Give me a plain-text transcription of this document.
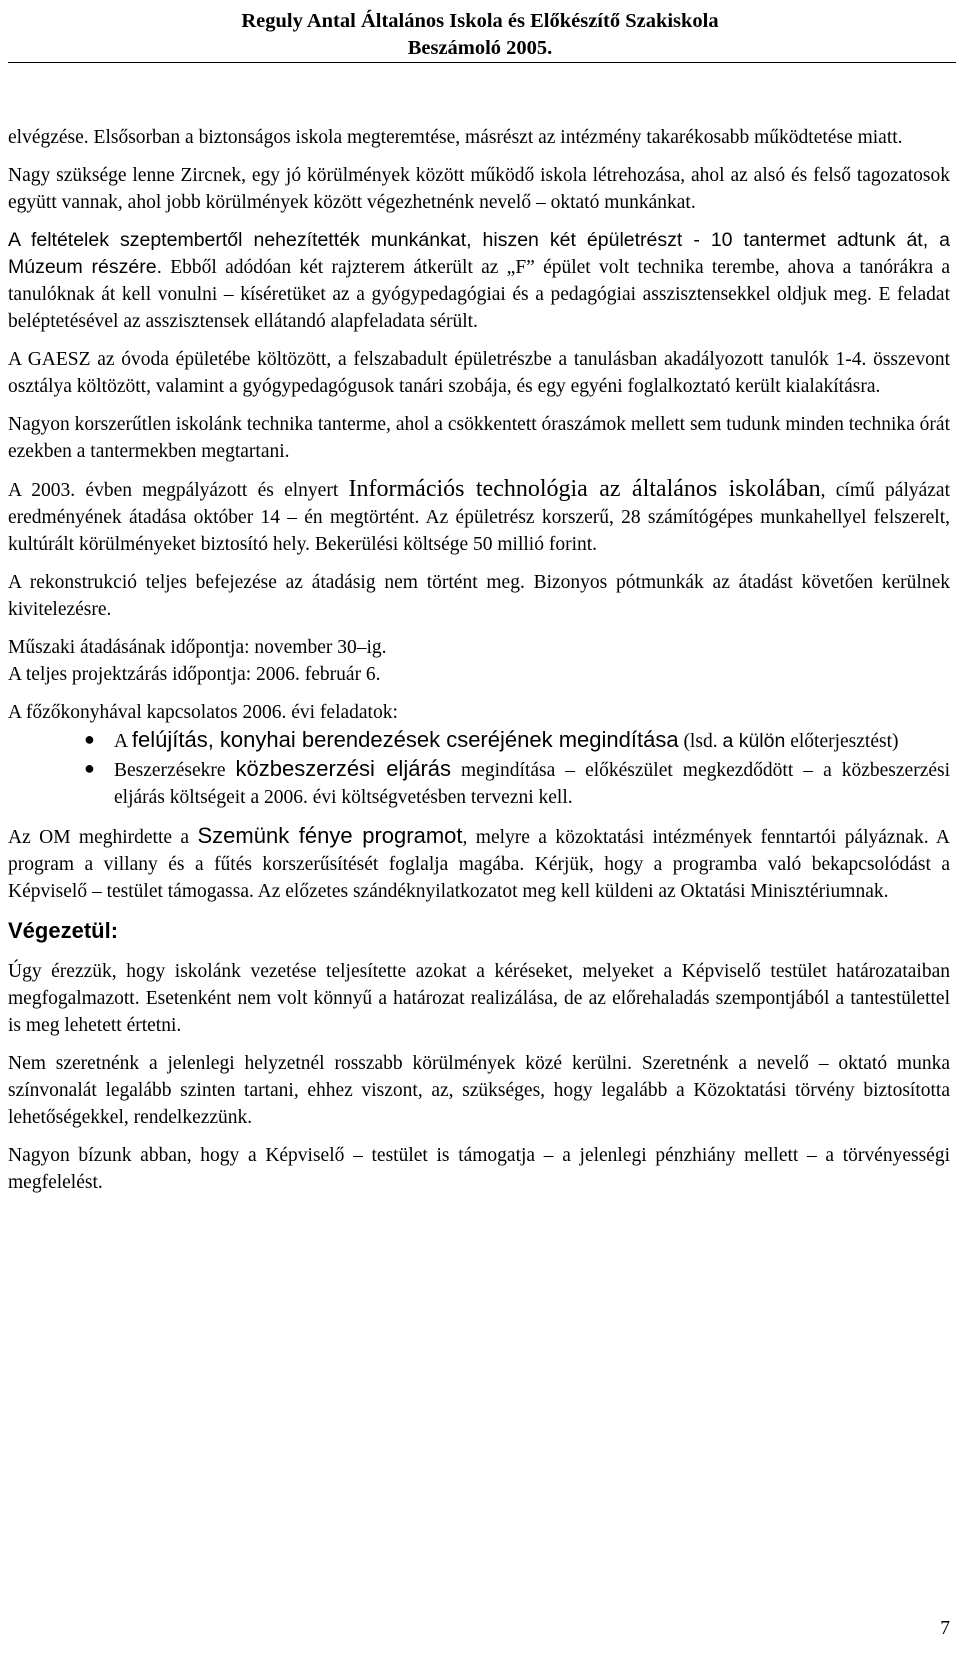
Reguly Antal Általános Iskola és Előkészítő Szakiskola
Beszámoló 2005.

elvégzése. Elsősorban a biztonságos iskola megteremtése, másrészt az intézmény takarékosabb működtetése miatt.

Nagy szüksége lenne Zircnek, egy jó körülmények között működő iskola létrehozása, ahol az alsó és felső tagozatosok együtt vannak, ahol jobb körülmények között végezhetnénk nevelő – oktató munkánkat.

A feltételek szeptembertől nehezítették munkánkat, hiszen két épületrészt - 10 tantermet adtunk át, a Múzeum részére. Ebből adódóan két rajzterem átkerült az „F” épület volt technika terembe, ahova a tanórákra a tanulóknak át kell vonulni – kíséretüket az a gyógypedagógiai és a pedagógiai asszisztensekkel oldjuk meg. E feladat beléptetésével az asszisztensek ellátandó alapfeladata sérült.

A GAESZ az óvoda épületébe költözött, a felszabadult épületrészbe a tanulásban akadályozott tanulók 1-4. összevont osztálya költözött, valamint a gyógypedagógusok tanári szobája, és egy egyéni foglalkoztató került kialakításra.

Nagyon korszerűtlen iskolánk technika tanterme, ahol a csökkentett óraszámok mellett sem tudunk minden technika órát ezekben a tantermekben megtartani.

A 2003. évben megpályázott és elnyert Információs technológia az általános iskolában, című pályázat eredményének átadása október 14 – én megtörtént. Az épületrész korszerű, 28 számítógépes munkahellyel felszerelt, kultúrált körülményeket biztosító hely. Bekerülési költsége 50 millió forint.

A rekonstrukció teljes befejezése az átadásig nem történt meg. Bizonyos pótmunkák az átadást követően kerülnek kivitelezésre.

Műszaki átadásának időpontja: november 30–ig.

A teljes projektzárás időpontja: 2006. február 6.

A főzőkonyhával kapcsolatos 2006. évi feladatok:

● A felújítás, konyhai berendezések cseréjének megindítása (lsd. a külön előterjesztést)
● Beszerzésekre közbeszerzési eljárás megindítása – előkészület megkezdődött – a közbeszerzési eljárás költségeit a 2006. évi költségvetésben tervezni kell.

Az OM meghirdette a Szemünk fénye programot, melyre a közoktatási intézmények fenntartói pályáznak. A program a villany és a fűtés korszerűsítését foglalja magába. Kérjük, hogy a programba való bekapcsolódást a Képviselő – testület támogassa. Az előzetes szándéknyilatkozatot meg kell küldeni az Oktatási Minisztériumnak.

Végezetül:

Úgy érezzük, hogy iskolánk vezetése teljesítette azokat a kéréseket, melyeket a Képviselő testület határozataiban megfogalmazott. Esetenként nem volt könnyű a határozat realizálása, de az előrehaladás szempontjából a tantestülettel is meg lehetett értetni.

Nem szeretnénk a jelenlegi helyzetnél rosszabb körülmények közé kerülni. Szeretnénk a nevelő – oktató munka színvonalát legalább szinten tartani, ehhez viszont, az, szükséges, hogy legalább a Közoktatási törvény biztosította lehetőségekkel, rendelkezzünk.

Nagyon bízunk abban, hogy a Képviselő – testület is támogatja – a jelenlegi pénzhiány mellett – a törvényességi megfelelést.

7
